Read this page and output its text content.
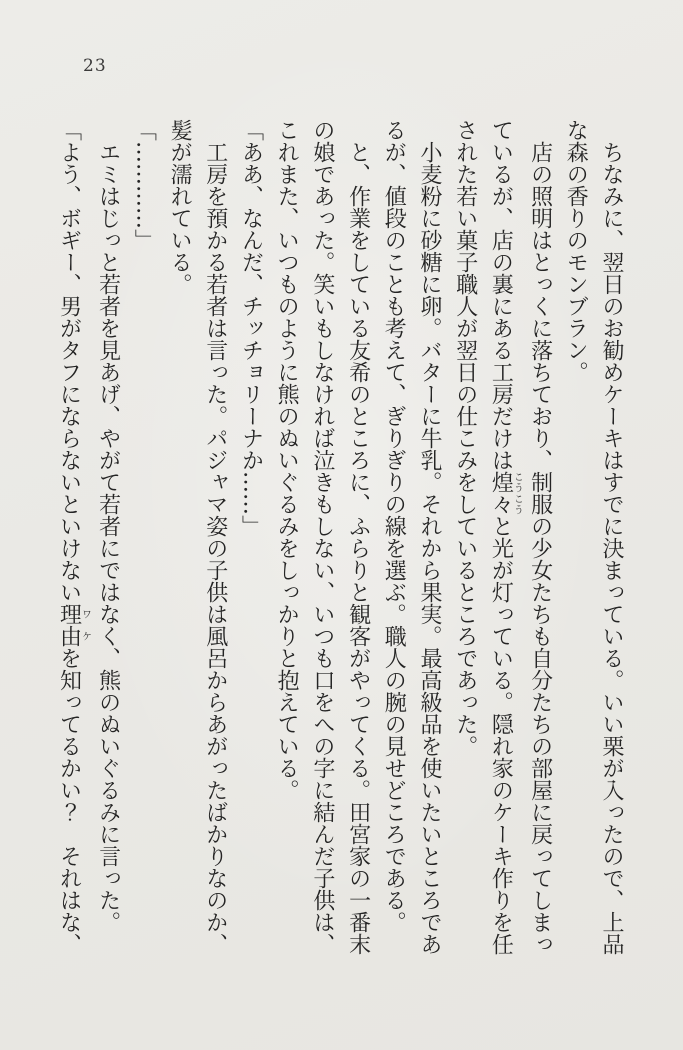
23
ちなみに、翌日のお勧めケーキはすでに決まっている。いい栗が入ったので、上品
な森の香りのモンブラン。
店の照明はとっくに落ちており、制服の少女たちも自分たちの部屋に戻ってしまっ
ているが、店の裏にある工房だけは煌々こうこうと光が灯っている。隠れ家のケーキ作りを任
された若い菓子職人が翌日の仕こみをしているところであった。
小麦粉に砂糖に卵。バターに牛乳。それから果実。最高級品を使いたいところであ
るが、値段のことも考えて、ぎりぎりの線を選ぶ。職人の腕の見せどころである。
と、作業をしている友希のところに、ふらりと観客がやってくる。田宮家の一番末
の娘であった。笑いもしなければ泣きもしない、いつも口をへの字に結んだ子供は、
これまた、いつものように熊のぬいぐるみをしっかりと抱えている。
「ああ、なんだ、チッチョリーナか……」
工房を預かる若者は言った。パジャマ姿の子供は風呂からあがったばかりなのか、
髪が濡れている。
「…………」
エミはじっと若者を見あげ、やがて若者にではなく、熊のぬいぐるみに言った。
「よう、ボギー、男がタフにならないといけない理由ワケを知ってるかい？　それはな、
